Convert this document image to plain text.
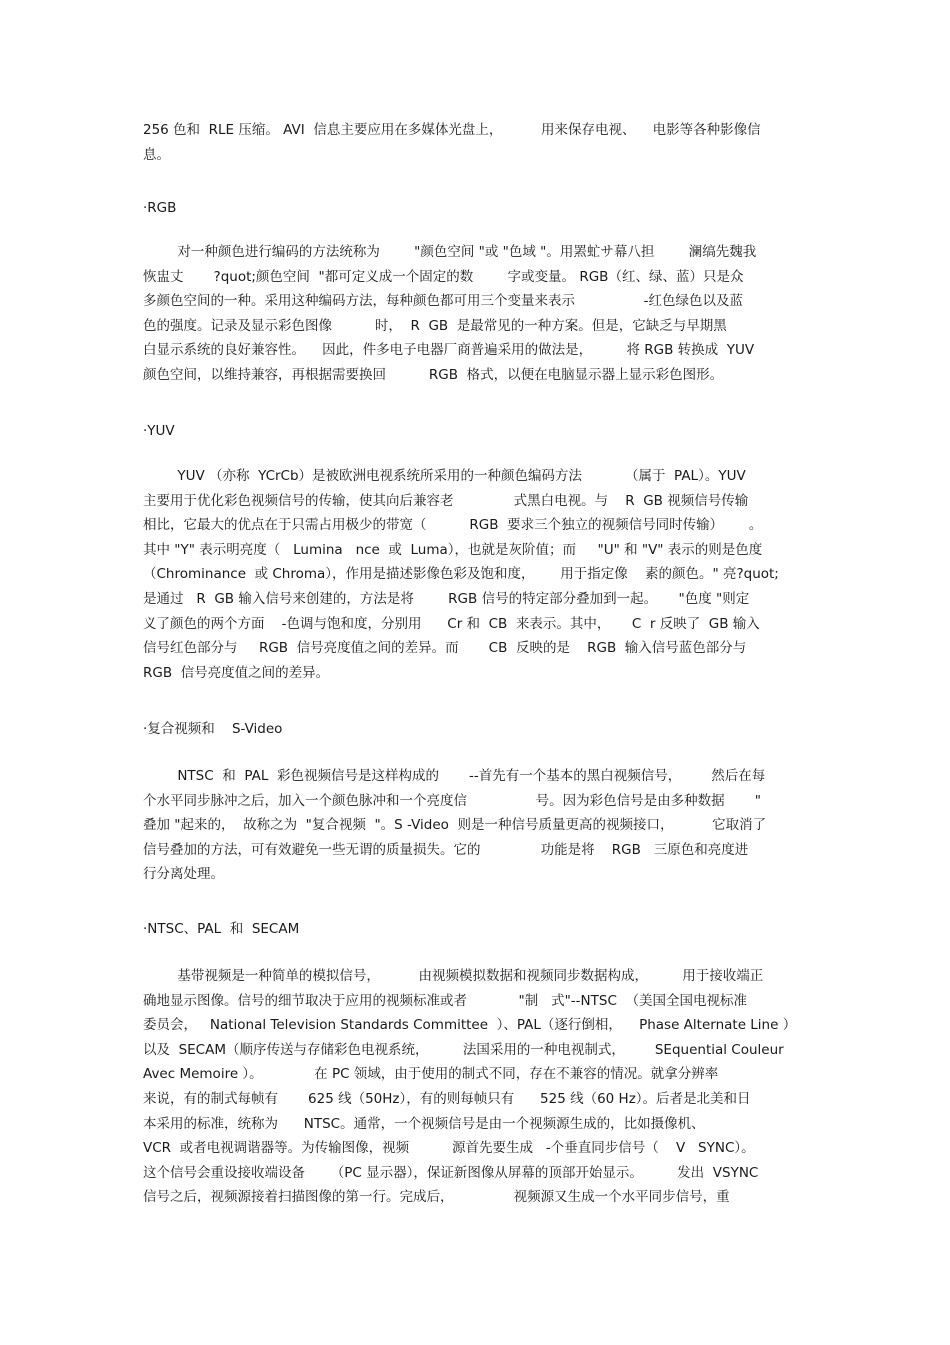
256 色和  RLE 压缩。 AVI  信息主要应用在多媒体光盘上，         用来保存电视、    电影等各种影像信
息。
·RGB
对一种颜色进行编码的方法统称为        "颜色空间 "或 "色域 "。用罴虻サ幕八担        澜缟先魏我
恢盅丈       ?quot;颜色空间  "都可定义成一个固定的数        字或变量。 RGB（红、绿、蓝）只是众
多颜色空间的一种。采用这种编码方法，每种颜色都可用三个变量来表示                -红色绿色以及蓝
色的强度。记录及显示彩色图像          时，  R  GB  是最常见的一种方案。但是，它缺乏与早期黑
白显示系统的良好兼容性。    因此，件多电子电器厂商普遍采用的做法是，        将 RGB 转换成  YUV
颜色空间，以维持兼容，再根据需要换回          RGB  格式，以便在电脑显示器上显示彩色图形。
·YUV
YUV （亦称  YCrCb）是被欧洲电视系统所采用的一种颜色编码方法          （属于  PAL）。YUV
主要用于优化彩色视频信号的传输，使其向后兼容老              式黑白电视。与    R  GB 视频信号传输
相比，它最大的优点在于只需占用极少的带宽（          RGB  要求三个独立的视频信号同时传输）      。
其中 "Y" 表示明亮度（   Lumina   nce  或  Luma），也就是灰阶值；而     "U" 和 "V" 表示的则是色度
（Chrominance  或 Chroma），作用是描述影像色彩及饱和度，      用于指定像    素的颜色。" 亮?quot;
是通过   R  GB 输入信号来创建的，方法是将        RGB 信号的特定部分叠加到一起。     "色度 "则定
义了颜色的两个方面    -色调与饱和度，分别用      Cr 和  CB  来表示。其中，     C  r 反映了  GB 输入
信号红色部分与     RGB  信号亮度值之间的差异。而       CB  反映的是    RGB  输入信号蓝色部分与
RGB  信号亮度值之间的差异。
·复合视频和    S-Video
NTSC  和  PAL  彩色视频信号是这样构成的       --首先有一个基本的黑白视频信号，       然后在每
个水平同步脉冲之后，加入一个颜色脉冲和一个亮度信                号。因为彩色信号是由多种数据       "
叠加 "起来的，  故称之为  "复合视频  "。S -Video  则是一种信号质量更高的视频接口，         它取消了
信号叠加的方法，可有效避免一些无谓的质量损失。它的              功能是将    RGB   三原色和亮度进
行分离处理。
·NTSC、PAL  和  SECAM
基带视频是一种简单的模拟信号，         由视频模拟数据和视频同步数据构成，        用于接收端正
确地显示图像。信号的细节取决于应用的视频标准或者            "制   式"--NTSC  （美国全国电视标准
委员会，   National Television Standards Committee  ）、PAL（逐行倒相，    Phase Alternate Line ）
以及  SECAM（顺序传送与存储彩色电视系统，        法国采用的一种电视制式，       SEquential Couleur
Avec Memoire ）。            在 PC 领域，由于使用的制式不同，存在不兼容的情况。就拿分辨率
来说，有的制式每帧有       625 线（50Hz），有的则每帧只有      525 线（60 Hz）。后者是北美和日
本采用的标准，统称为      NTSC。通常，一个视频信号是由一个视频源生成的，比如摄像机、
VCR  或者电视调谐器等。为传输图像，视频          源首先要生成   -个垂直同步信号（    V   SYNC）。
这个信号会重设接收端设备      （PC 显示器），保证新图像从屏幕的顶部开始显示。        发出  VSYNC
信号之后，视频源接着扫描图像的第一行。完成后，              视频源又生成一个水平同步信号，重
